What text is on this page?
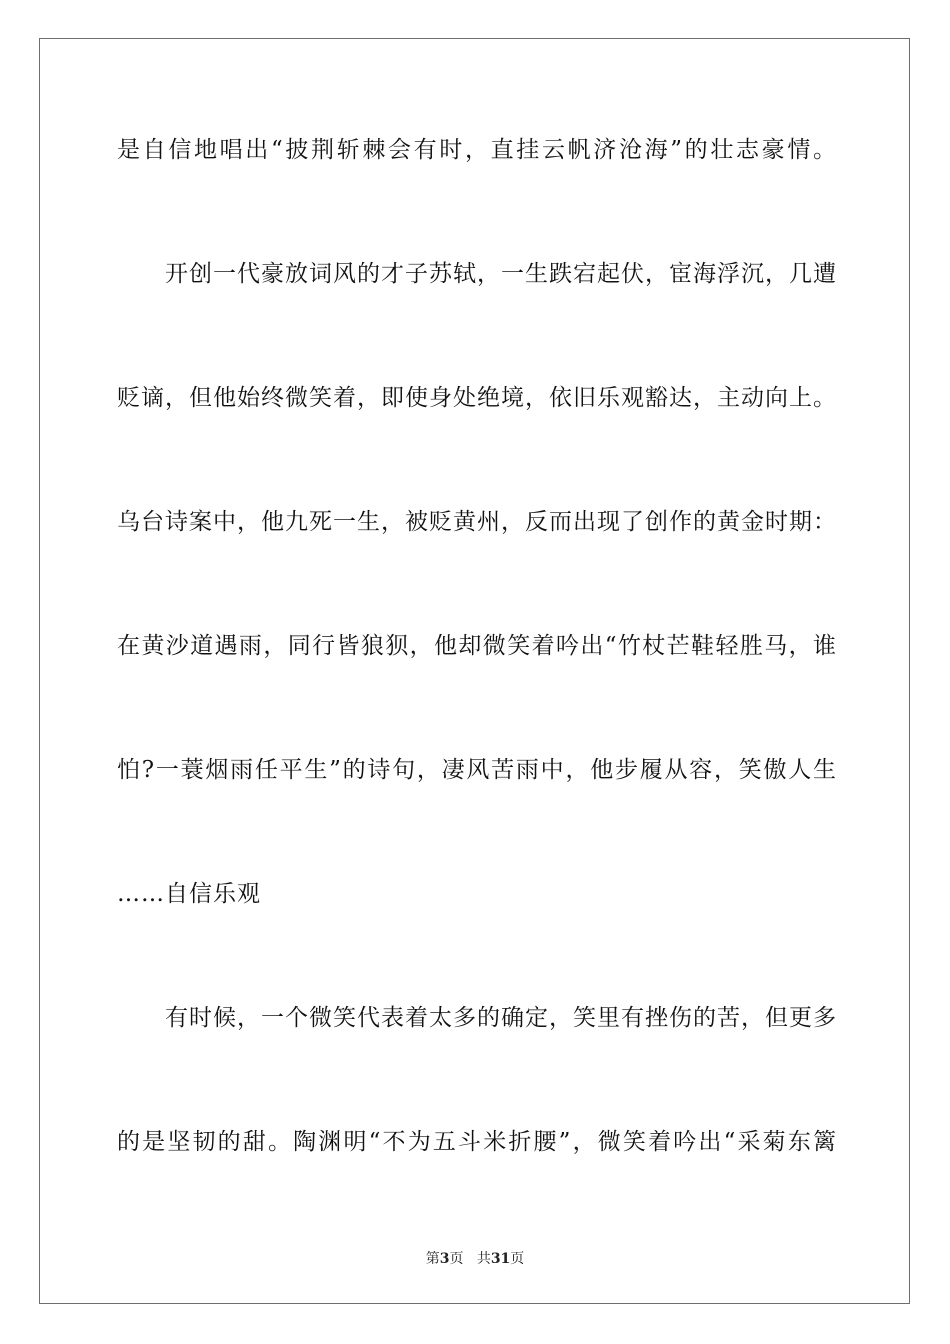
是自信地唱出“披荆斩棘会有时，直挂云帆济沧海”的壮志豪情。
开创一代豪放词风的才子苏轼，一生跌宕起伏，宦海浮沉，几遭
贬谪，但他始终微笑着，即使身处绝境，依旧乐观豁达，主动向上。
乌台诗案中，他九死一生，被贬黄州，反而出现了创作的黄金时期：
在黄沙道遇雨，同行皆狼狈，他却微笑着吟出“竹杖芒鞋轻胜马，谁
怕?一蓑烟雨任平生”的诗句，凄风苦雨中，他步履从容，笑傲人生
……自信乐观
有时候，一个微笑代表着太多的确定，笑里有挫伤的苦，但更多
的是坚韧的甜。陶渊明“不为五斗米折腰”，微笑着吟出“采菊东篱
第3页 共31页
